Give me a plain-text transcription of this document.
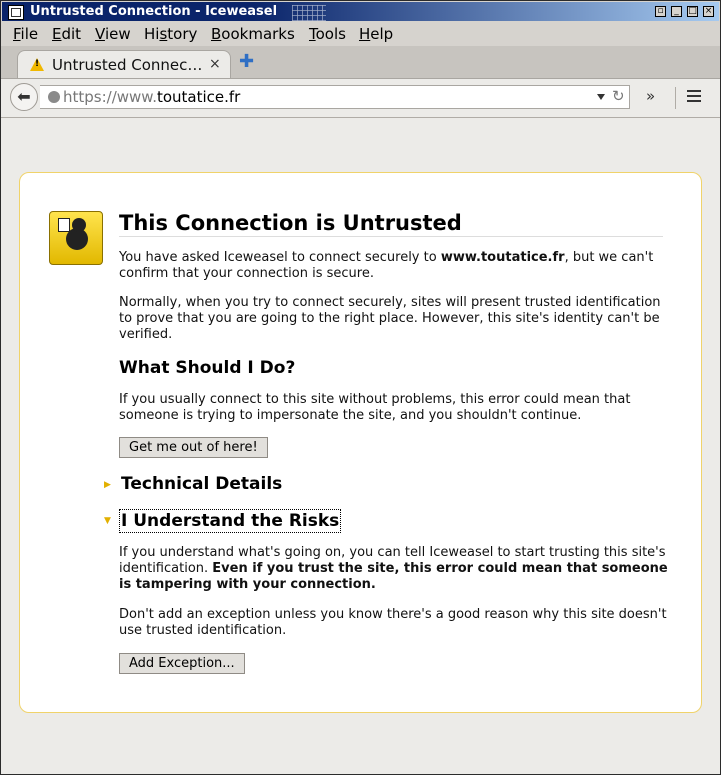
Untrusted Connection - Iceweasel	▫	_	□ ×
File Edit View History Bookmarks Tools Help
!
Untrusted Connec… × ✚
https://www.toutatice.fr	↻
⬅	»
This Connection is Untrusted

You have asked Iceweasel to connect securely to www.toutatice.fr, but we can't confirm that your connection is secure.

Normally, when you try to connect securely, sites will present trusted identification to prove that you are going to the right place. However, this site's identity can't be verified.

What Should I Do?

If you usually connect to this site without problems, this error could mean that someone is trying to impersonate the site, and you shouldn't continue.

Get me out of here!
▶ Technical Details
▼ I Understand the Risks

If you understand what's going on, you can tell Iceweasel to start trusting this site's identification. Even if you trust the site, this error could mean that someone is tampering with your connection.

Don't add an exception unless you know there's a good reason why this site doesn't use trusted identification.

Add Exception...
